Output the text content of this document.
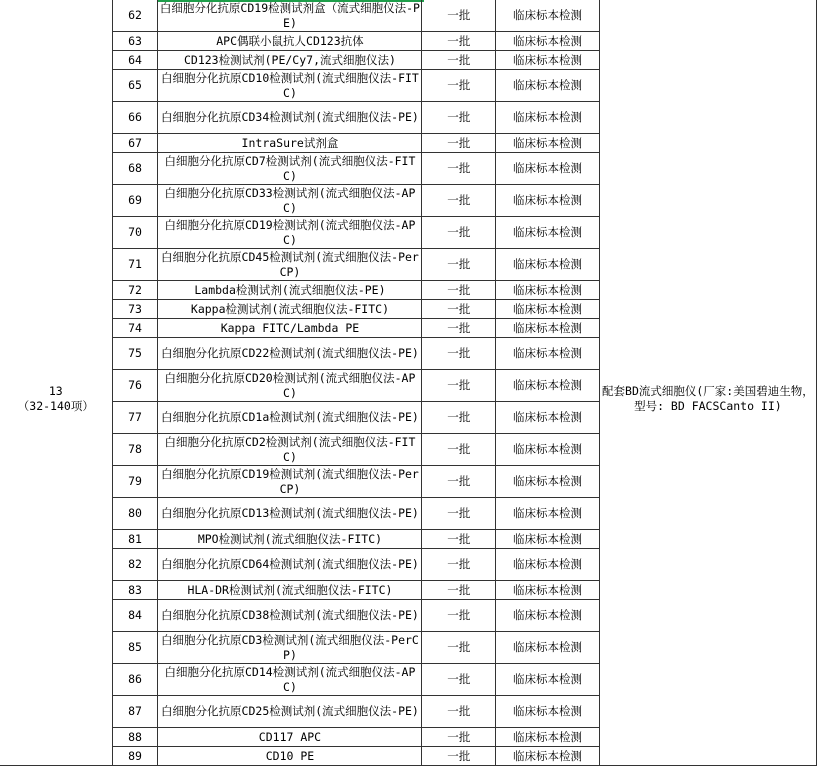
13
（32-140项）	62	白细胞分化抗原CD19检测试剂盒（流式细胞仪法-PE)	一批	临床标本检测	配套BD流式细胞仪(厂家:美国碧迪生物，型号: BD FACSCanto II)
	63	APC偶联小鼠抗人CD123抗体	一批	临床标本检测	
	64	CD123检测试剂(PE/Cy7,流式细胞仪法)	一批	临床标本检测	
	65	白细胞分化抗原CD10检测试剂(流式细胞仪法-FITC)	一批	临床标本检测	
	66	白细胞分化抗原CD34检测试剂(流式细胞仪法-PE)	一批	临床标本检测	
	67	IntraSure试剂盒	一批	临床标本检测	
	68	白细胞分化抗原CD7检测试剂(流式细胞仪法-FITC)	一批	临床标本检测	
	69	白细胞分化抗原CD33检测试剂(流式细胞仪法-APC)	一批	临床标本检测	
	70	白细胞分化抗原CD19检测试剂(流式细胞仪法-APC)	一批	临床标本检测	
	71	白细胞分化抗原CD45检测试剂(流式细胞仪法-PerCP)	一批	临床标本检测	
	72	Lambda检测试剂(流式细胞仪法-PE)	一批	临床标本检测	
	73	Kappa检测试剂(流式细胞仪法-FITC)	一批	临床标本检测	
	74	Kappa FITC/Lambda PE	一批	临床标本检测	
	75	白细胞分化抗原CD22检测试剂(流式细胞仪法-PE)	一批	临床标本检测	
	76	白细胞分化抗原CD20检测试剂(流式细胞仪法-APC)	一批	临床标本检测	
	77	白细胞分化抗原CD1a检测试剂(流式细胞仪法-PE)	一批	临床标本检测	
	78	白细胞分化抗原CD2检测试剂(流式细胞仪法-FITC)	一批	临床标本检测	
	79	白细胞分化抗原CD19检测试剂(流式细胞仪法-PerCP)	一批	临床标本检测	
	80	白细胞分化抗原CD13检测试剂(流式细胞仪法-PE)	一批	临床标本检测	
	81	MPO检测试剂(流式细胞仪法-FITC)	一批	临床标本检测	
	82	白细胞分化抗原CD64检测试剂(流式细胞仪法-PE)	一批	临床标本检测	
	83	HLA-DR检测试剂(流式细胞仪法-FITC)	一批	临床标本检测	
	84	白细胞分化抗原CD38检测试剂(流式细胞仪法-PE)	一批	临床标本检测	
	85	白细胞分化抗原CD3检测试剂(流式细胞仪法-PerCP)	一批	临床标本检测	
	86	白细胞分化抗原CD14检测试剂(流式细胞仪法-APC)	一批	临床标本检测	
	87	白细胞分化抗原CD25检测试剂(流式细胞仪法-PE)	一批	临床标本检测	
	88	CD117 APC	一批	临床标本检测	
	89	CD10 PE	一批	临床标本检测	
